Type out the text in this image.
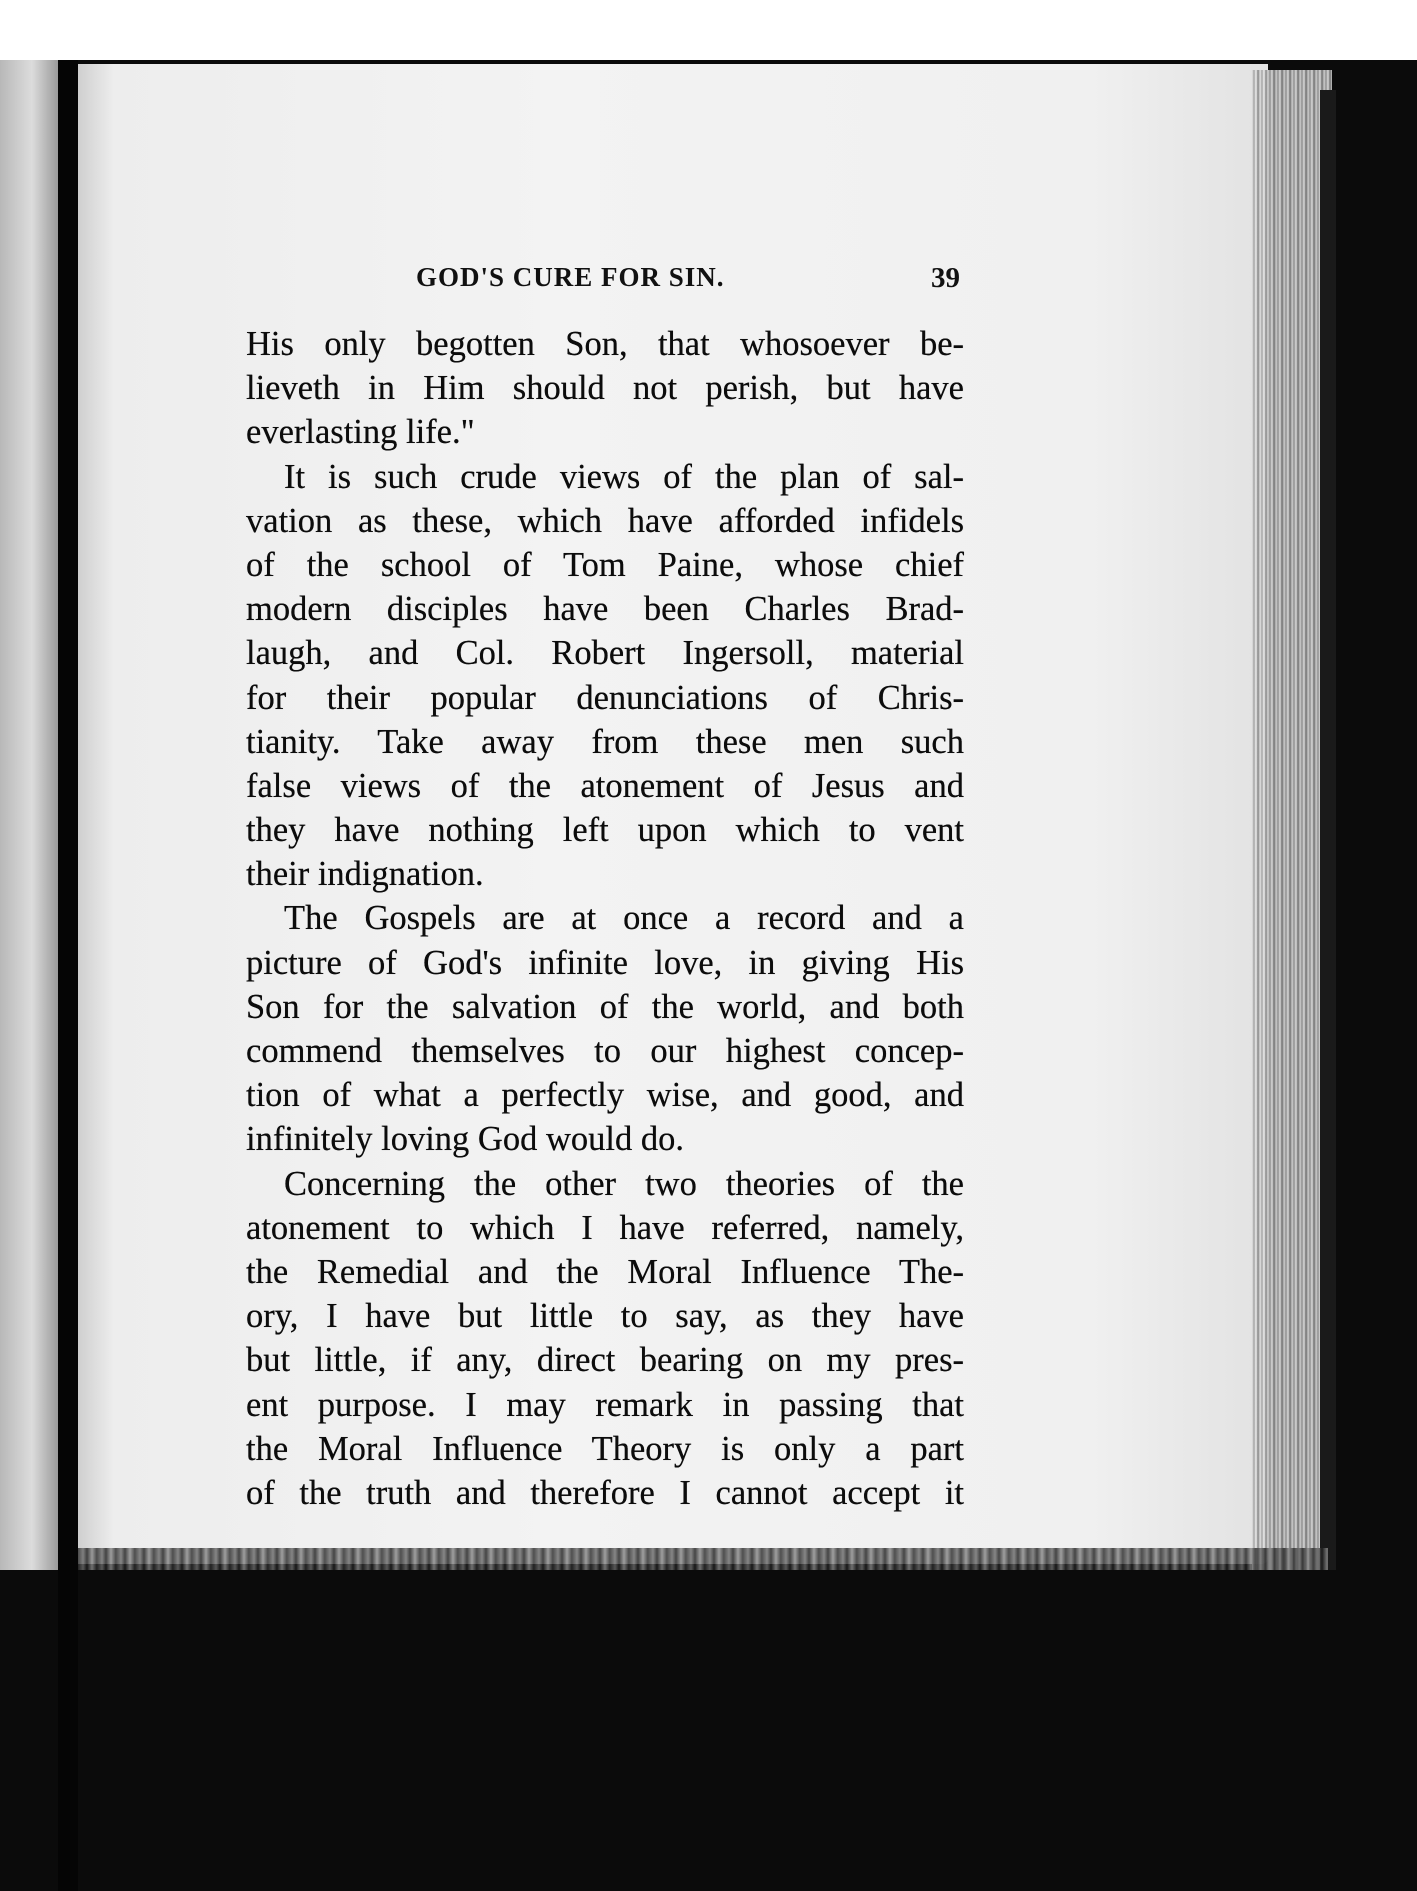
GOD'S CURE FOR SIN.	39
His only begotten Son, that whosoever be-
lieveth in Him should not perish, but have
everlasting life."
It is such crude views of the plan of sal-
vation as these, which have afforded infidels
of the school of Tom Paine, whose chief
modern disciples have been Charles Brad-
laugh, and Col. Robert Ingersoll, material
for their popular denunciations of Chris-
tianity. Take away from these men such
false views of the atonement of Jesus and
they have nothing left upon which to vent
their indignation.
The Gospels are at once a record and a
picture of God's infinite love, in giving His
Son for the salvation of the world, and both
commend themselves to our highest concep-
tion of what a perfectly wise, and good, and
infinitely loving God would do.
Concerning the other two theories of the
atonement to which I have referred, namely,
the Remedial and the Moral Influence The-
ory, I have but little to say, as they have
but little, if any, direct bearing on my pres-
ent purpose. I may remark in passing that
the Moral Influence Theory is only a part
of the truth and therefore I cannot accept it
